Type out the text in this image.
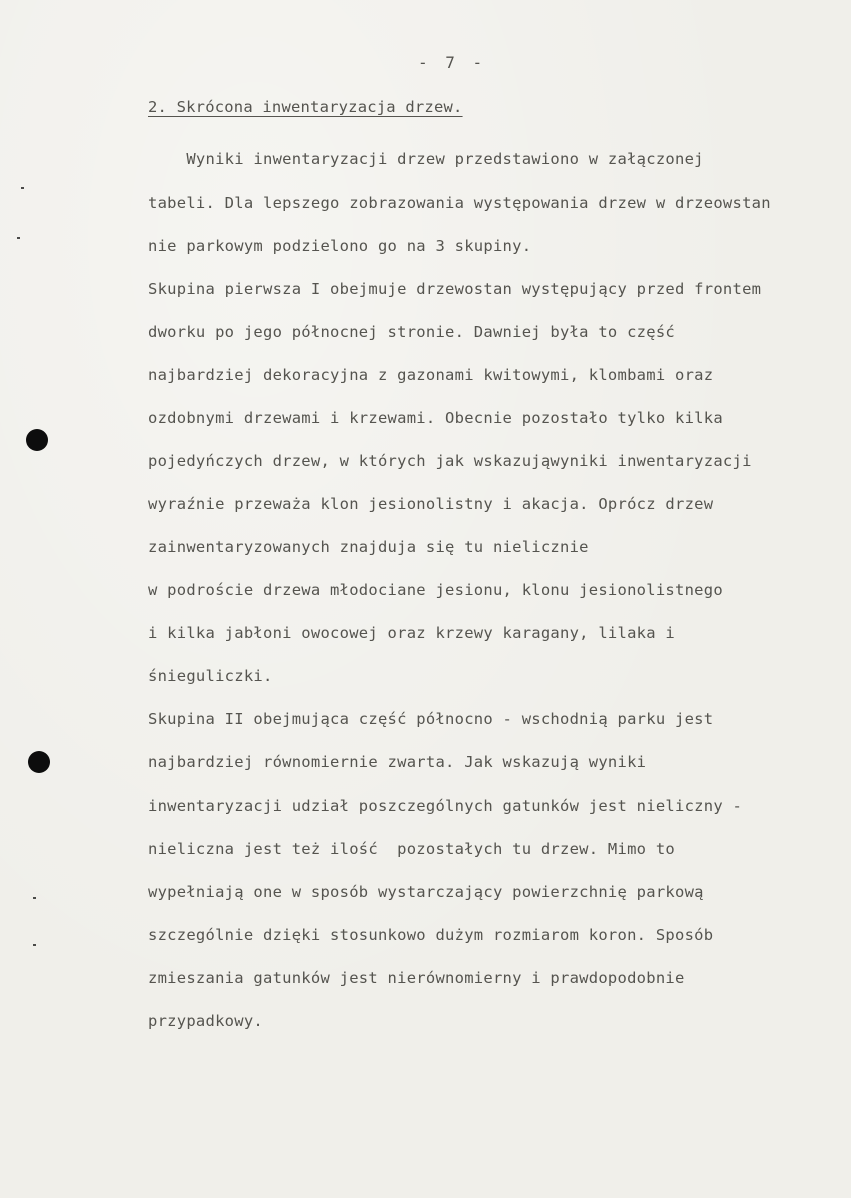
- 7 -
2. Skrócona inwentaryzacja drzew.
Wyniki inwentaryzacji drzew przedstawiono w załączonej
tabeli. Dla lepszego zobrazowania występowania drzew w drzeowstan
nie parkowym podzielono go na 3 skupiny.
Skupina pierwsza I obejmuje drzewostan występujący przed frontem
dworku po jego północnej stronie. Dawniej była to część
najbardziej dekoracyjna z gazonami kwitowymi, klombami oraz
ozdobnymi drzewami i krzewami. Obecnie pozostało tylko kilka
pojedyńczych drzew, w których jak wskazująwyniki inwentaryzacji
wyraźnie przeważa klon jesionolistny i akacja. Oprócz drzew
zainwentaryzowanych znajduja się tu nielicznie
w podroście drzewa młodociane jesionu, klonu jesionolistnego
i kilka jabłoni owocowej oraz krzewy karagany, lilaka i
śnieguliczki.
Skupina II obejmująca część północno - wschodnią parku jest
najbardziej równomiernie zwarta. Jak wskazują wyniki
inwentaryzacji udział poszczególnych gatunków jest nieliczny -
nieliczna jest też ilość  pozostałych tu drzew. Mimo to
wypełniają one w sposób wystarczający powierzchnię parkową
szczególnie dzięki stosunkowo dużym rozmiarom koron. Sposób
zmieszania gatunków jest nierównomierny i prawdopodobnie
przypadkowy.
